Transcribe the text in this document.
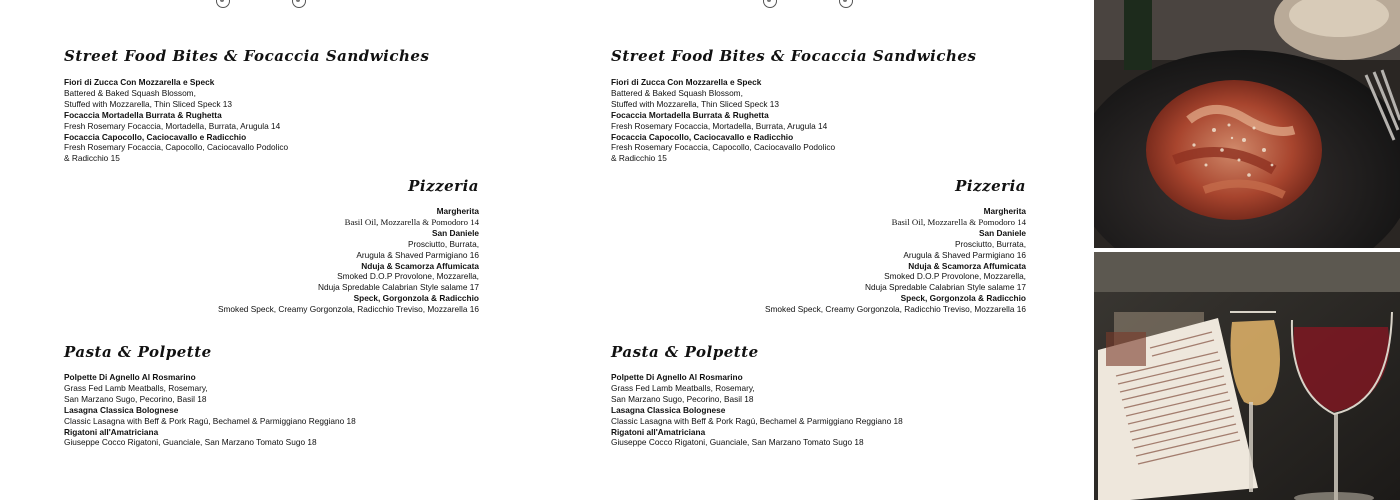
Street Food Bites & Focaccia Sandwiches
Fiori di Zucca Con Mozzarella e Speck
Battered & Baked Squash Blossom,
Stuffed with Mozzarella, Thin Sliced Speck 13
Focaccia Mortadella Burrata & Rughetta
Fresh Rosemary Focaccia, Mortadella, Burrata, Arugula 14
Focaccia Capocollo, Caciocavallo e Radicchio
Fresh Rosemary Focaccia, Capocollo, Caciocavallo Podolico
& Radicchio 15
Pizzeria
Margherita
Basil Oil, Mozzarella & Pomodoro 14
San Daniele
Prosciutto, Burrata,
Arugula & Shaved Parmigiano 16
Nduja & Scamorza Affumicata
Smoked D.O.P Provolone, Mozzarella,
Nduja Spredable Calabrian Style salame 17
Speck, Gorgonzola & Radicchio
Smoked Speck, Creamy Gorgonzola, Radicchio Treviso, Mozzarella 16
Pasta & Polpette
Polpette Di Agnello Al Rosmarino
Grass Fed Lamb Meatballs, Rosemary,
San Marzano Sugo, Pecorino, Basil 18
Lasagna Classica Bolognese
Classic Lasagna with Beff & Pork Ragú, Bechamel & Parmiggiano Reggiano 18
Rigatoni all'Amatriciana
Giuseppe Cocco Rigatoni, Guanciale, San Marzano Tomato Sugo 18
Street Food Bites & Focaccia Sandwiches
Fiori di Zucca Con Mozzarella e Speck
Battered & Baked Squash Blossom,
Stuffed with Mozzarella, Thin Sliced Speck 13
Focaccia Mortadella Burrata & Rughetta
Fresh Rosemary Focaccia, Mortadella, Burrata, Arugula 14
Focaccia Capocollo, Caciocavallo e Radicchio
Fresh Rosemary Focaccia, Capocollo, Caciocavallo Podolico
& Radicchio 15
Pizzeria
Margherita
Basil Oil, Mozzarella & Pomodoro 14
San Daniele
Prosciutto, Burrata,
Arugula & Shaved Parmigiano 16
Nduja & Scamorza Affumicata
Smoked D.O.P Provolone, Mozzarella,
Nduja Spredable Calabrian Style salame 17
Speck, Gorgonzola & Radicchio
Smoked Speck, Creamy Gorgonzola, Radicchio Treviso, Mozzarella 16
Pasta & Polpette
Polpette Di Agnello Al Rosmarino
Grass Fed Lamb Meatballs, Rosemary,
San Marzano Sugo, Pecorino, Basil 18
Lasagna Classica Bolognese
Classic Lasagna with Beff & Pork Ragú, Bechamel & Parmiggiano Reggiano 18
Rigatoni all'Amatriciana
Giuseppe Cocco Rigatoni, Guanciale, San Marzano Tomato Sugo 18
